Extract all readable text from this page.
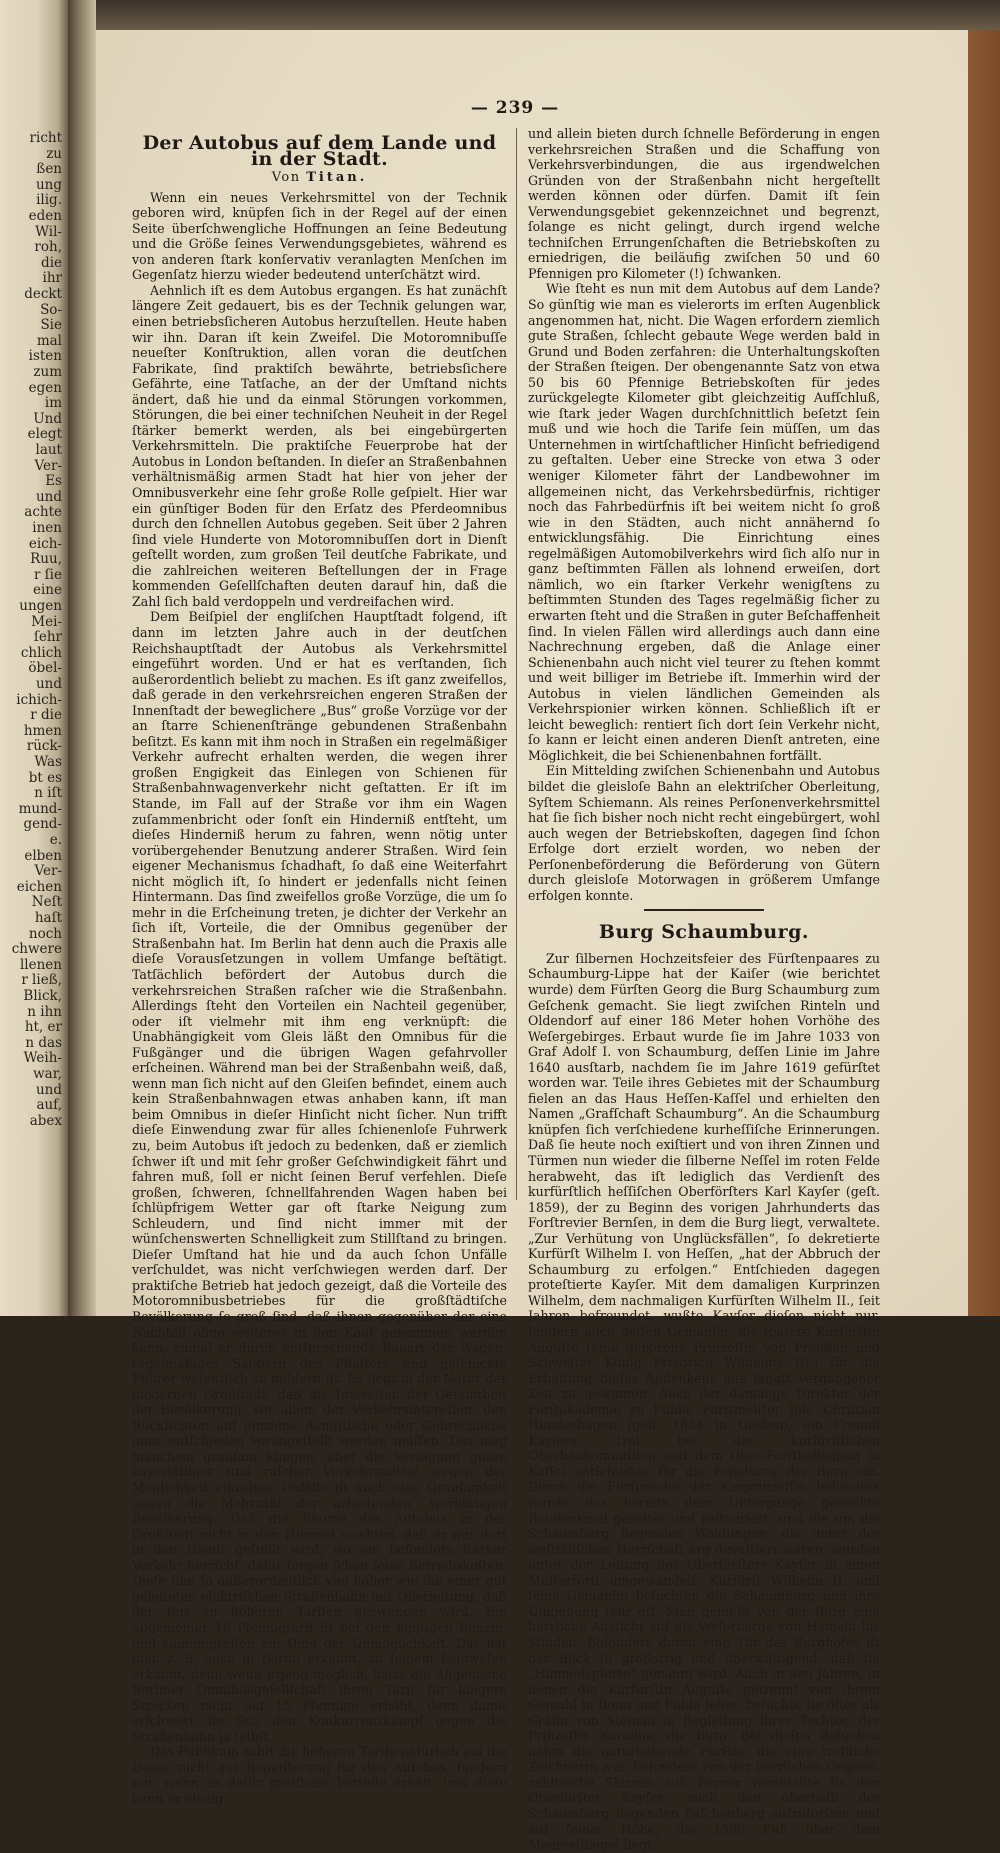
richt
zu
ßen
ung
ilig.
eden
Wil-
roh,
die
ihr
deckt
So-
Sie
mal
isten
zum
egen
im
Und
elegt
laut
Ver-
Es
und
achte
inen
eich-
Ruu,
r ſie
eine
ungen
Mei-
ſehr
chlich
öbel-
und
ichich-
r die
hmen
rück-
Was
bt es
n iſt
mund-
gend-
e.
elben
Ver-
eichen
Neſt
haſt
noch
chwere
llenen
r ließ,
Blick,
n ihn
ht, er
n das
Weih-
war,
und
auf,
abex
— 239 —
Der Autobus auf dem Lande und in der Stadt.
Von Titan.

Wenn ein neues Verkehrsmittel von der Technik geboren wird, knüpfen ſich in der Regel auf der einen Seite überſchwengliche Hoffnungen an ſeine Bedeutung und die Größe ſeines Verwendungsgebietes, während es von anderen ſtark konſervativ veranlagten Menſchen im Gegenſatz hierzu wieder bedeutend unterſchätzt wird.

Aehnlich iſt es dem Autobus ergangen. Es hat zunächſt längere Zeit gedauert, bis es der Technik gelungen war, einen betriebsſicheren Autobus herzuſtellen. Heute haben wir ihn. Daran iſt kein Zweifel. Die Motoromnibuſſe neueſter Konſtruktion, allen voran die deutſchen Fabrikate, ſind praktiſch bewährte, betriebsſichere Gefährte, eine Tatſache, an der der Umſtand nichts ändert, daß hie und da einmal Störungen vorkommen, Störungen, die bei einer techniſchen Neuheit in der Regel ſtärker bemerkt werden, als bei eingebürgerten Verkehrsmitteln. Die praktiſche Feuerprobe hat der Autobus in London beſtanden. In dieſer an Straßenbahnen verhältnismäßig armen Stadt hat hier von jeher der Omnibusverkehr eine ſehr große Rolle geſpielt. Hier war ein günſtiger Boden für den Erſatz des Pferdeomnibus durch den ſchnellen Autobus gegeben. Seit über 2 Jahren ſind viele Hunderte von Motoromnibuſſen dort in Dienſt geſtellt worden, zum großen Teil deutſche Fabrikate, und die zahlreichen weiteren Beſtellungen der in Frage kommenden Geſellſchaften deuten darauf hin, daß die Zahl ſich bald verdoppeln und verdreifachen wird.

Dem Beiſpiel der engliſchen Hauptſtadt folgend, iſt dann im letzten Jahre auch in der deutſchen Reichshauptſtadt der Autobus als Verkehrsmittel eingeführt worden. Und er hat es verſtanden, ſich außerordentlich beliebt zu machen. Es iſt ganz zweifellos, daß gerade in den verkehrsreichen engeren Straßen der Innenſtadt der beweglichere „Bus“ große Vorzüge vor der an ſtarre Schienenſtränge gebundenen Straßenbahn beſitzt. Es kann mit ihm noch in Straßen ein regelmäßiger Verkehr aufrecht erhalten werden, die wegen ihrer großen Engigkeit das Einlegen von Schienen für Straßenbahnwagenverkehr nicht geſtatten. Er iſt im Stande, im Fall auf der Straße vor ihm ein Wagen zuſammenbricht oder ſonſt ein Hinderniß entſteht, um dieſes Hinderniß herum zu fahren, wenn nötig unter vorübergehender Benutzung anderer Straßen. Wird ſein eigener Mechanismus ſchadhaft, ſo daß eine Weiterfahrt nicht möglich iſt, ſo hindert er jedenfalls nicht ſeinen Hintermann. Das ſind zweifellos große Vorzüge, die um ſo mehr in die Erſcheinung treten, je dichter der Verkehr an ſich iſt, Vorteile, die der Omnibus gegenüber der Straßenbahn hat. Im Berlin hat denn auch die Praxis alle dieſe Vorausſetzungen in vollem Umfange beſtätigt. Tatſächlich befördert der Autobus durch die verkehrsreichen Straßen raſcher wie die Straßenbahn. Allerdings ſteht den Vorteilen ein Nachteil gegenüber, oder iſt vielmehr mit ihm eng verknüpft: die Unabhängigkeit vom Gleis läßt den Omnibus für die Fußgänger und die übrigen Wagen gefahrvoller erſcheinen. Während man bei der Straßenbahn weiß, daß, wenn man ſich nicht auf den Gleiſen befindet, einem auch kein Straßenbahnwagen etwas anhaben kann, iſt man beim Omnibus in dieſer Hinſicht nicht ſicher. Nun trifft dieſe Einwendung zwar für alles ſchienenloſe Fuhrwerk zu, beim Autobus iſt jedoch zu bedenken, daß er ziemlich ſchwer iſt und mit ſehr großer Geſchwindigkeit fährt und fahren muß, ſoll er nicht ſeinen Beruf verfehlen. Dieſe großen, ſchweren, ſchnellfahrenden Wagen haben bei ſchlüpfrigem Wetter gar oft ſtarke Neigung zum Schleudern, und ſind nicht immer mit der wünſchenswerten Schnelligkeit zum Stillſtand zu bringen. Dieſer Umſtand hat hie und da auch ſchon Unfälle verſchuldet, was nicht verſchwiegen werden darf. Der praktiſche Betrieb hat jedoch gezeigt, daß die Vorteile des Motoromnibusbetriebes für die großſtädtiſche Bevölkerung ſo groß ſind, daß ihnen gegenüber der eine Nachteil ohne weiteres in den Kauf genommen werden kann, zumal er durch entſprechende Bauart der Wagen, regelmäßiges Säubern des Pflaſters und geſchickte Führer weſentlich zu mildern iſt. Es liegt in der Natur der modernen Großſtadt, daß die Intereſſen der Geſamtheit der Bevölkerung, vor allem der Verkehrsintereſſen, den Rückſichten auf einzelne Aengſtliche oder Gebrechliche ganz entſchieden vorangeſtellt werden müſſen. Das mag manchem grauſam klingen, aber die Verſagung guter, zuverläſſiger und raſcher Verkehrsmittel wegen der Möglichkeit einzelner Unfälle iſt auch eine Grauſamkeit gegen die Mehrzahl der arbeitenden, werktätigen Bevölkerung. Daß die Bäume des Autobus in der Großſtadt nicht in den Himmel wachſen, daß er nur dort in den Dienſt geſtellt wird, wo ein beſonders ſtarker Verkehr herrſcht, dafür ſorgen ſchon ſeine Betriebskoſten. Dieſe ſind ſo außerordentlich viel höher wie die einer gut geleiteten elektriſchen Straßenbahn mit Oberleitung, daß der Bus zu höheren Tarifen gezwungen wird. Ein allgemeiner 10 Pfennigtarif iſt bei den heutigen Benzin- und Gummipreiſen ein Ding der Unmöglichkeit. Das hat man z. B. auch in Berlin erkannt, zu ſeinem Leidweſen erkannt, denn wenn irgend möglich, hätte die Allgemeine Berliner Omnibusgeſellſchaft ihren Tarif für längere Strecken nicht auf 15 Pfennige erhöht, denn damit erſchwert ſie ſich den Konkurrenzkampf gegen die Straßenbahn ja ſelbſt.

Das Publikum zahlt die höheren Tarife natürlich auf die Dauer nicht aus Begeiſterung für den Autobus, ſondern nur, wenn es dafür greifbare Vorteile erhält, und dieſe kann er einzig

und allein bieten durch ſchnelle Beförderung in engen verkehrsreichen Straßen und die Schaffung von Verkehrsverbindungen, die aus irgendwelchen Gründen von der Straßenbahn nicht hergeſtellt werden können oder dürfen. Damit iſt ſein Verwendungsgebiet gekennzeichnet und begrenzt, ſolange es nicht gelingt, durch irgend welche techniſchen Errungenſchaften die Betriebskoſten zu erniedrigen, die beiläufig zwiſchen 50 und 60 Pfennigen pro Kilometer (!) ſchwanken.

Wie ſteht es nun mit dem Autobus auf dem Lande? So günſtig wie man es vielerorts im erſten Augenblick angenommen hat, nicht. Die Wagen erfordern ziemlich gute Straßen, ſchlecht gebaute Wege werden bald in Grund und Boden zerfahren: die Unterhaltungskoſten der Straßen ſteigen. Der obengenannte Satz von etwa 50 bis 60 Pfennige Betriebskoſten für jedes zurückgelegte Kilometer gibt gleichzeitig Aufſchluß, wie ſtark jeder Wagen durchſchnittlich beſetzt ſein muß und wie hoch die Tarife ſein müſſen, um das Unternehmen in wirtſchaftlicher Hinſicht befriedigend zu geſtalten. Ueber eine Strecke von etwa 3 oder weniger Kilometer fährt der Landbewohner im allgemeinen nicht, das Verkehrsbedürfnis, richtiger noch das Fahrbedürfnis iſt bei weitem nicht ſo groß wie in den Städten, auch nicht annähernd ſo entwicklungsfähig. Die Einrichtung eines regelmäßigen Automobilverkehrs wird ſich alſo nur in ganz beſtimmten Fällen als lohnend erweiſen, dort nämlich, wo ein ſtarker Verkehr wenigſtens zu beſtimmten Stunden des Tages regelmäßig ſicher zu erwarten ſteht und die Straßen in guter Beſchaffenheit ſind. In vielen Fällen wird allerdings auch dann eine Nachrechnung ergeben, daß die Anlage einer Schienenbahn auch nicht viel teurer zu ſtehen kommt und weit billiger im Betriebe iſt. Immerhin wird der Autobus in vielen ländlichen Gemeinden als Verkehrspionier wirken können. Schließlich iſt er leicht beweglich: rentiert ſich dort ſein Verkehr nicht, ſo kann er leicht einen anderen Dienſt antreten, eine Möglichkeit, die bei Schienenbahnen fortfällt.

Ein Mittelding zwiſchen Schienenbahn und Autobus bildet die gleisloſe Bahn an elektriſcher Oberleitung, Syſtem Schiemann. Als reines Perſonenverkehrsmittel hat ſie ſich bisher noch nicht recht eingebürgert, wohl auch wegen der Betriebskoſten, dagegen ſind ſchon Erfolge dort erzielt worden, wo neben der Perſonenbeförderung die Beförderung von Gütern durch gleisloſe Motorwagen in größerem Umfange erfolgen konnte.

Burg Schaumburg.

Zur ſilbernen Hochzeitsfeier des Fürſtenpaares zu Schaumburg-Lippe hat der Kaiſer (wie berichtet wurde) dem Fürſten Georg die Burg Schaumburg zum Geſchenk gemacht. Sie liegt zwiſchen Rinteln und Oldendorf auf einer 186 Meter hohen Vorhöhe des Weſergebirges. Erbaut wurde ſie im Jahre 1033 von Graf Adolf I. von Schaumburg, deſſen Linie im Jahre 1640 ausſtarb, nachdem ſie im Jahre 1619 gefürſtet worden war. Teile ihres Gebietes mit der Schaumburg fielen an das Haus Heſſen-Kaſſel und erhielten den Namen „Grafſchaft Schaumburg“. An die Schaumburg knüpfen ſich verſchiedene kurheſſiſche Erinnerungen. Daß ſie heute noch exiſtiert und von ihren Zinnen und Türmen nun wieder die ſilberne Neſſel im roten Felde herabweht, das iſt lediglich das Verdienſt des kurfürſtlich heſſiſchen Oberförſters Karl Kayſer (geſt. 1859), der zu Beginn des vorigen Jahrhunderts das Forſtrevier Bernſen, in dem die Burg liegt, verwaltete. „Zur Verhütung von Unglücksfällen“, ſo dekretierte Kurfürſt Wilhelm I. von Heſſen, „hat der Abbruch der Schaumburg zu erfolgen.“ Entſchieden dagegen proteſtierte Kayſer. Mit dem damaligen Kurprinzen Wilhelm, dem nachmaligen Kurfürſten Wilhelm II., ſeit Jahren befreundet, wußte Kayſer dieſen nicht nur, ſondern auch deſſen Gemahlin, die ſpätere Kurfürſtin Auguſte (eine geborene Prinzeſſin von Preußen und Schweſter König Friedrich Wilhelms III.) für die Erhaltung dieſes Andenkens aus längſt vergangener Zeit zu gewinnen. Auch der damalige Direktor der Forſtakademie zu Fulda, Forſtmeiſter Joh. Chriſtian Hundeshagen (geſt. 1834 in Gießen), ein Freund Kayſers, trat bei der kurfürſtlichen Oberbaukommiſſion und dem Ober-Forſtkollegium in Kaſſel entſchieden für die Erhaltung der Burg ein. Durch die Fürſprache der Kurprinzeſſin beſonders wurde das bereits dem Untergange geweihte Baudenkmal gerettet und reſtauriert, und die um die Schaumburg liegenden Waldungen, die unter der weſtfäliſchen Herrſchaft arg devaſtiert waren, wurden unter der Leitung des Oberförſters Kayſer in einen Muſterforſt umgewandelt. Kurfürſt Wilhelm II. und ſeine Gemahlin beſuchten die Schaumburg und ihre Umgebung ſehr oft. Man genießt von der Burg eine herrliche Ausſicht auf die Weſerberge von Hameln bis Minden. Beſonders durch eine Tür des Burghofes iſt der Blick ſo großartig und überwältigend, daß ſie „Himmelspforte“ genannt wird. Auch in den Jahren, in denen die Kurfürſtin Auguſte getrennt von ihrem Gemahl in Bonn und Fulda lebte, beſuchte ſie öfter als Gräfin von Steinau in Begleitung ihrer Tochter, der Prinzeſſin Karoline, die Burg. Bei dieſen Beſuchen nahm die naturliebende Fürſtin, die eine treffliche Zeichnerin war, beſonders von der herrlichen Gegend, zahlreiche Skizzen auf. Ferner veranlaßte ſie den Oberförſter Kayſer, auch den oberhalb der Schaumburg liegenden Paſchenberg aufzuforſten und auf ſeiner Höhe, die 1500 Fuß über dem Meeresſpiegel liegt,
